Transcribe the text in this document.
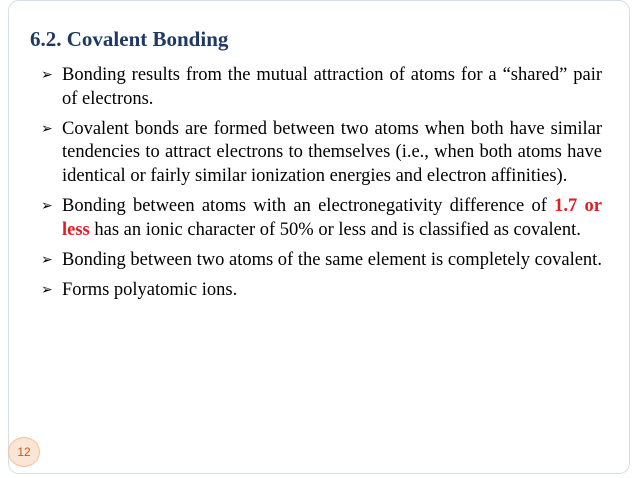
6.2. Covalent Bonding
➢ Bonding results from the mutual attraction of atoms for a “shared” pair of electrons.
➢ Covalent bonds are formed between two atoms when both have similar tendencies to attract electrons to themselves (i.e., when both atoms have identical or fairly similar ionization energies and electron affinities).
➢ Bonding between atoms with an electronegativity difference of 1.7 or less has an ionic character of 50% or less and is classified as covalent.
➢ Bonding between two atoms of the same element is completely covalent.
➢ Forms polyatomic ions.
12
